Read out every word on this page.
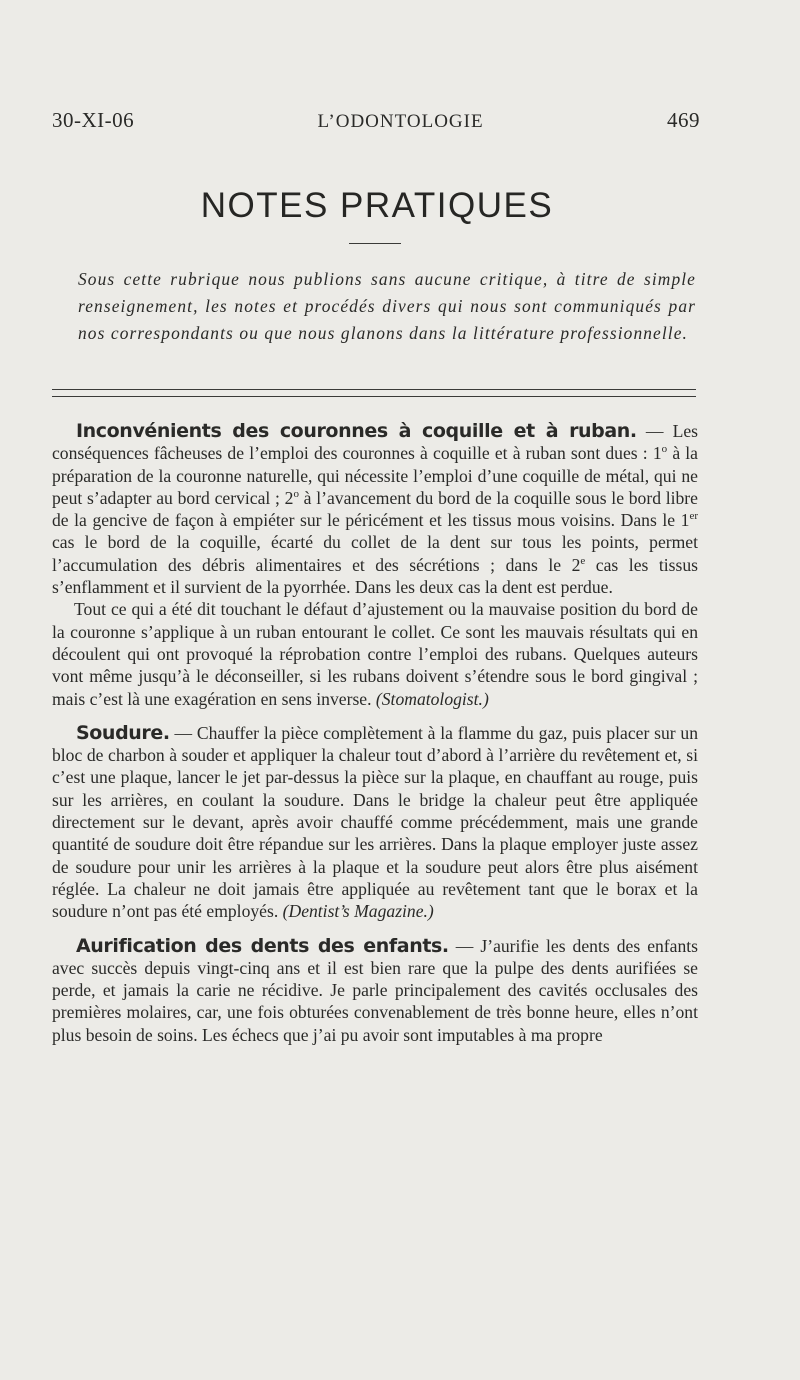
30-XI-06	L’ODONTOLOGIE	469
NOTES PRATIQUES

Sous cette rubrique nous publions sans aucune critique, à titre de simple renseignement, les notes et procédés divers qui nous sont communiqués par nos correspondants ou que nous glanons dans la littérature professionnelle.

Inconvénients des couronnes à coquille et à ruban. — Les conséquences fâcheuses de l’emploi des couronnes à coquille et à ruban sont dues : 1$^o$ à la préparation de la couronne naturelle, qui nécessite l’emploi d’une coquille de métal, qui ne peut s’adapter au bord cervical ; 2$^o$ à l’avancement du bord de la coquille sous le bord libre de la gencive de façon à empiéter sur le péricément et les tissus mous voisins. Dans le 1er cas le bord de la coquille, écarté du collet de la dent sur tous les points, permet l’accumulation des débris alimentaires et des sécrétions ; dans le 2e cas les tissus s’enflamment et il survient de la pyorrhée. Dans les deux cas la dent est perdue.

Tout ce qui a été dit touchant le défaut d’ajustement ou la mauvaise position du bord de la couronne s’applique à un ruban entourant le collet. Ce sont les mauvais résultats qui en découlent qui ont provoqué la réprobation contre l’emploi des rubans. Quelques auteurs vont même jusqu’à le déconseiller, si les rubans doivent s’étendre sous le bord gingival ; mais c’est là une exagération en sens inverse. (Stomatologist.)

Soudure. — Chauffer la pièce complètement à la flamme du gaz, puis placer sur un bloc de charbon à souder et appliquer la chaleur tout d’abord à l’arrière du revêtement et, si c’est une plaque, lancer le jet par-dessus la pièce sur la plaque, en chauffant au rouge, puis sur les arrières, en coulant la soudure. Dans le bridge la chaleur peut être appliquée directement sur le devant, après avoir chauffé comme précédemment, mais une grande quantité de soudure doit être répandue sur les arrières. Dans la plaque employer juste assez de soudure pour unir les arrières à la plaque et la soudure peut alors être plus aisément réglée. La chaleur ne doit jamais être appliquée au revêtement tant que le borax et la soudure n’ont pas été employés. (Dentist’s Magazine.)

Aurification des dents des enfants. — J’aurifie les dents des enfants avec succès depuis vingt-cinq ans et il est bien rare que la pulpe des dents aurifiées se perde, et jamais la carie ne récidive. Je parle principalement des cavités occlusales des premières molaires, car, une fois obturées convenablement de très bonne heure, elles n’ont plus besoin de soins. Les échecs que j’ai pu avoir sont imputables à ma propre
